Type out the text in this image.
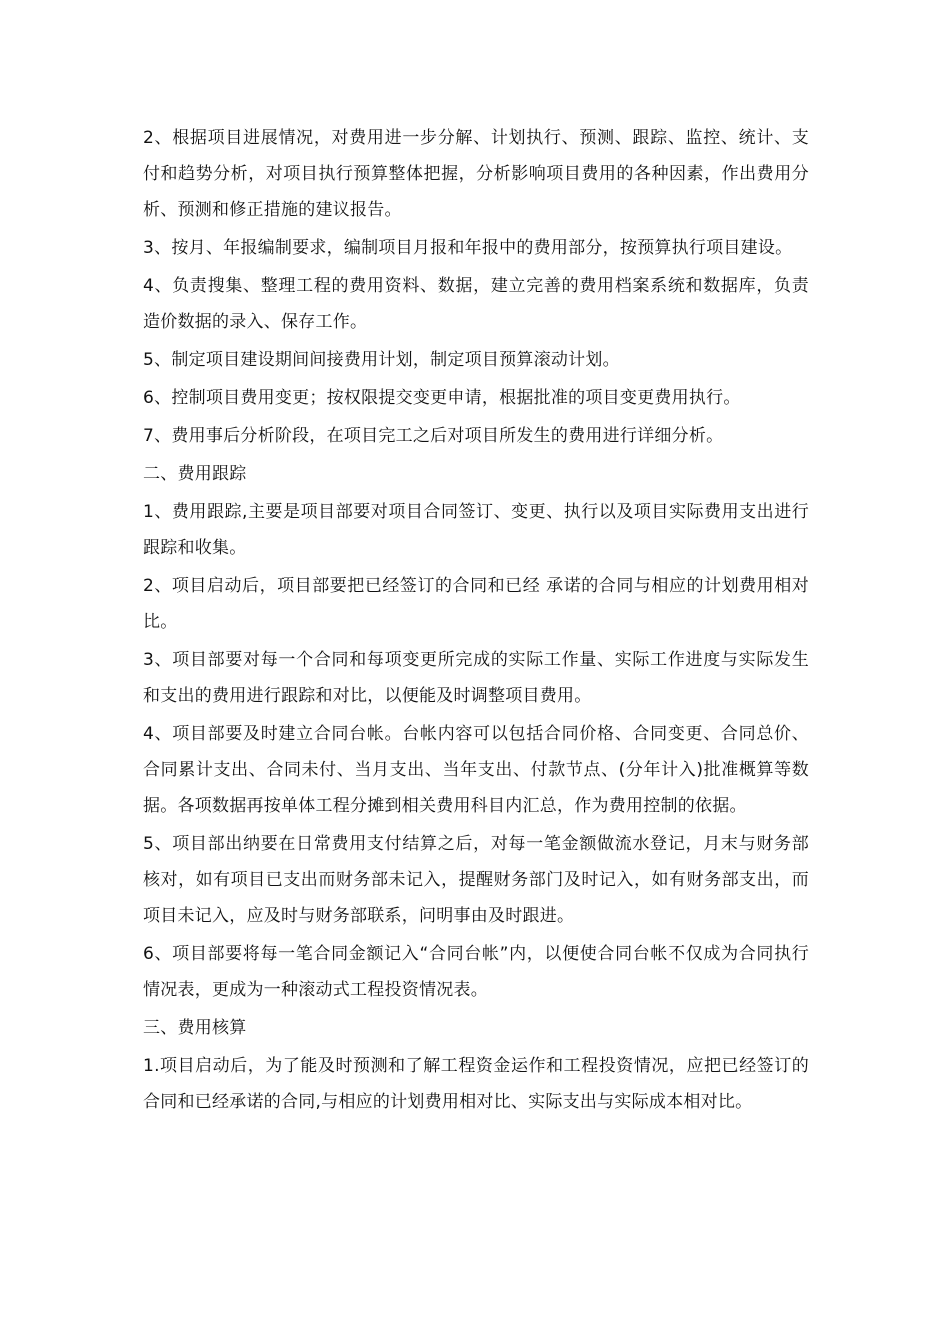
2、根据项目进展情况，对费用进一步分解、计划执行、预测、跟踪、监控、统计、支付和趋势分析，对项目执行预算整体把握，分析影响项目费用的各种因素，作出费用分析、预测和修正措施的建议报告。

3、按月、年报编制要求，编制项目月报和年报中的费用部分，按预算执行项目建设。

4、负责搜集、整理工程的费用资料、数据，建立完善的费用档案系统和数据库，负责造价数据的录入、保存工作。

5、制定项目建设期间间接费用计划，制定项目预算滚动计划。

6、控制项目费用变更；按权限提交变更申请，根据批准的项目变更费用执行。

7、费用事后分析阶段，在项目完工之后对项目所发生的费用进行详细分析。

二、费用跟踪

1、费用跟踪,主要是项目部要对项目合同签订、变更、执行以及项目实际费用支出进行跟踪和收集。

2、项目启动后，项目部要把已经签订的合同和已经 承诺的合同与相应的计划费用相对比。

3、项目部要对每一个合同和每项变更所完成的实际工作量、实际工作进度与实际发生和支出的费用进行跟踪和对比，以便能及时调整项目费用。

4、项目部要及时建立合同台帐。台帐内容可以包括合同价格、合同变更、合同总价、合同累计支出、合同未付、当月支出、当年支出、付款节点、(分年计入)批准概算等数据。各项数据再按单体工程分摊到相关费用科目内汇总，作为费用控制的依据。

5、项目部出纳要在日常费用支付结算之后，对每一笔金额做流水登记，月末与财务部核对，如有项目已支出而财务部未记入，提醒财务部门及时记入，如有财务部支出，而项目未记入，应及时与财务部联系，问明事由及时跟进。

6、项目部要将每一笔合同金额记入“合同台帐”内，以便使合同台帐不仅成为合同执行情况表，更成为一种滚动式工程投资情况表。

三、费用核算

1.项目启动后，为了能及时预测和了解工程资金运作和工程投资情况，应把已经签订的合同和已经承诺的合同,与相应的计划费用相对比、实际支出与实际成本相对比。
